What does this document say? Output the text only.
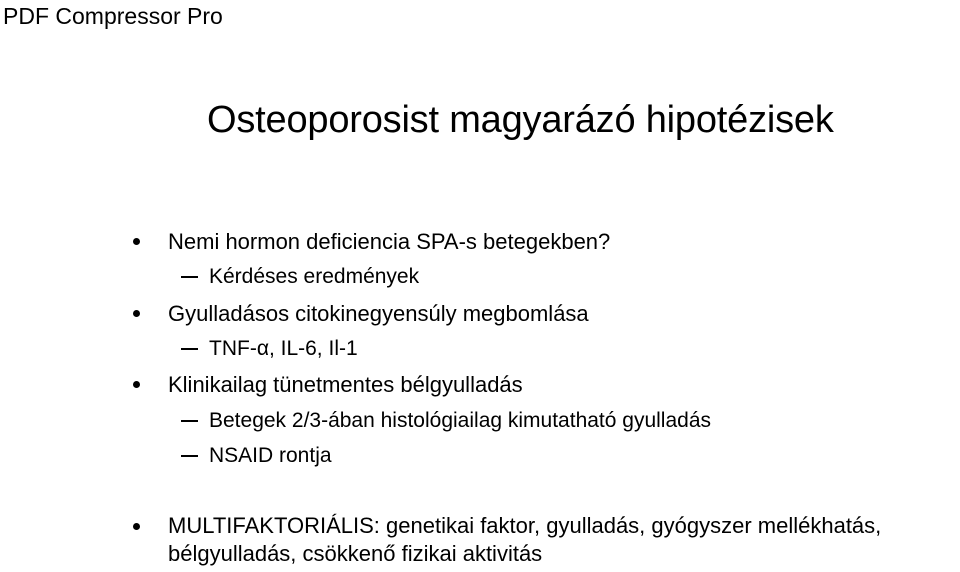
PDF Compressor Pro
Osteoporosist magyarázó hipotézisek
Nemi hormon deficiencia SPA-s betegekben?
Kérdéses eredmények
Gyulladásos citokinegyensúly megbomlása
TNF-α, IL-6, Il-1
Klinikailag tünetmentes bélgyulladás
Betegek 2/3-ában histológiailag kimutatható gyulladás
NSAID rontja
MULTIFAKTORIÁLIS: genetikai faktor, gyulladás, gyógyszer mellékhatás,
bélgyulladás, csökkenő fizikai aktivitás
